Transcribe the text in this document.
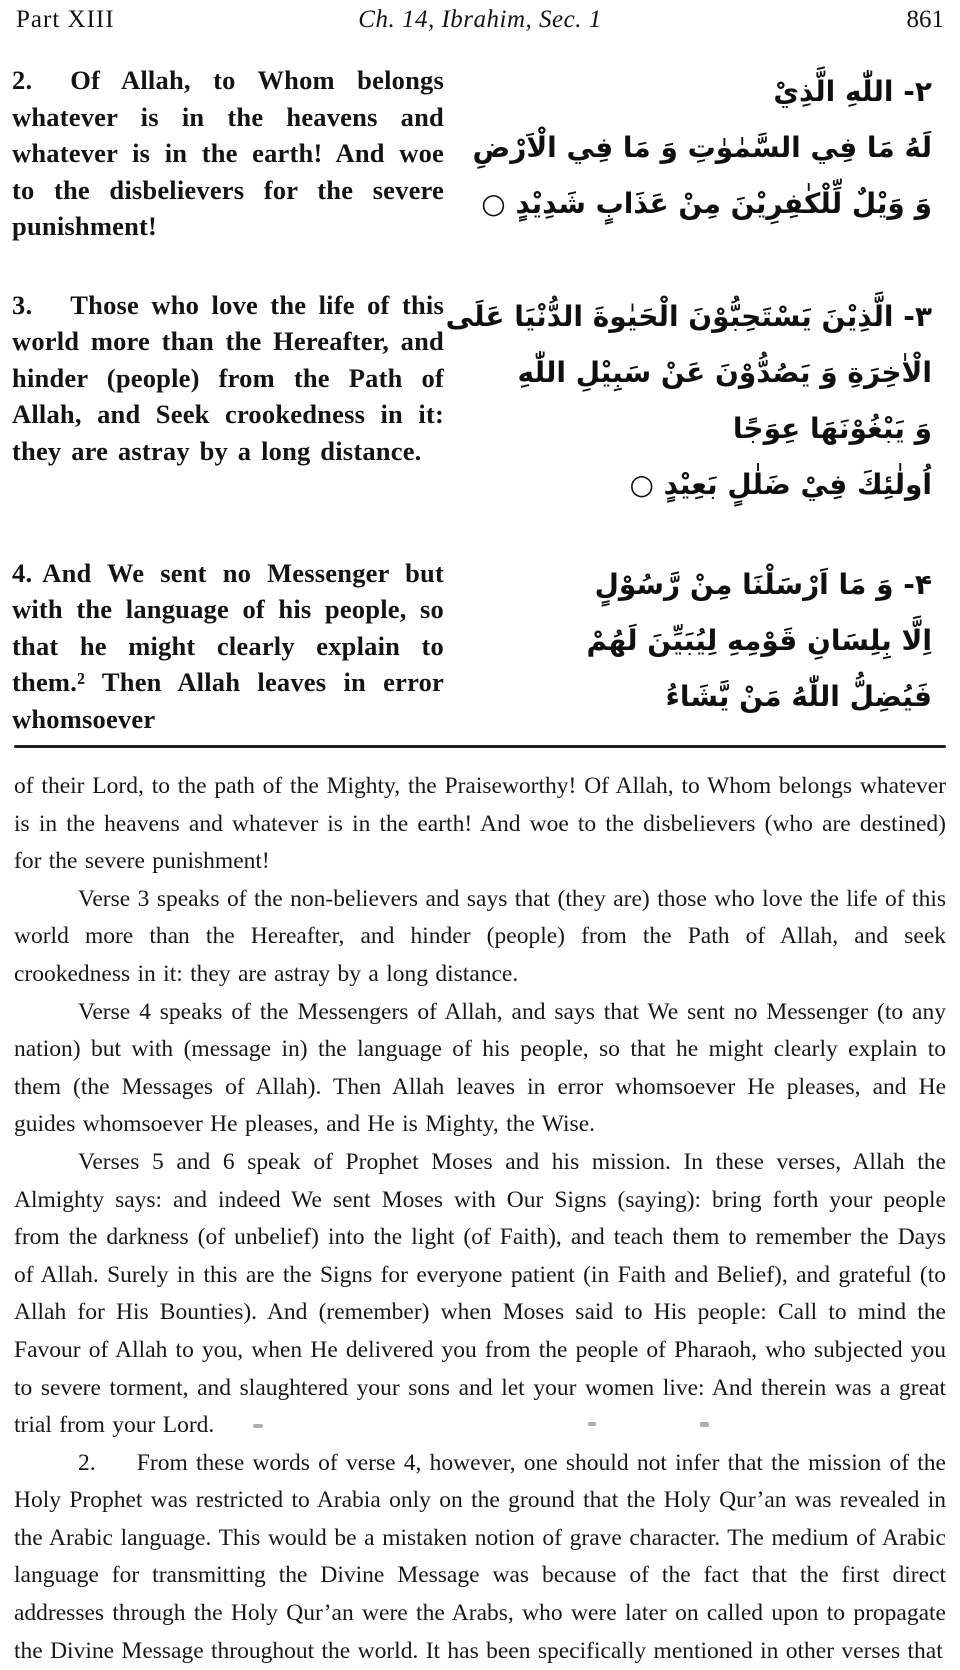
Part XIII	Ch. 14, Ibrahim, Sec. 1	861
2. Of Allah, to Whom belongs whatever is in the heavens and whatever is in the earth! And woe to the disbelievers for the severe punishment!
۲- اللّٰهِ الَّذِيْ
لَهُ مَا فِي السَّمٰوٰتِ وَ مَا فِي الْاَرْضِ
وَ وَيْلٌ لِّلْكٰفِرِيْنَ مِنْ عَذَابٍ شَدِيْدٍ ○
3. Those who love the life of this world more than the Hereafter, and hinder (people) from the Path of Allah, and Seek crookedness in it: they are astray by a long distance.
۳- الَّذِيْنَ يَسْتَحِبُّوْنَ الْحَيٰوةَ الدُّنْيَا عَلَى
الْاٰخِرَةِ وَ يَصُدُّوْنَ عَنْ سَبِيْلِ اللّٰهِ
وَ يَبْغُوْنَهَا عِوَجًا
اُولٰئِكَ فِيْ ضَلٰلٍ بَعِيْدٍ ○
4. And We sent no Messenger but with the language of his people, so that he might clearly explain to them.² Then Allah leaves in error whomsoever
۴- وَ مَا اَرْسَلْنَا مِنْ رَّسُوْلٍ
اِلَّا بِلِسَانِ قَوْمِهِ لِيُبَيِّنَ لَهُمْ
فَيُضِلُّ اللّٰهُ مَنْ يَّشَاءُ

of their Lord, to the path of the Mighty, the Praiseworthy! Of Allah, to Whom belongs whatever is in the heavens and whatever is in the earth! And woe to the disbelievers (who are destined) for the severe punishment!

Verse 3 speaks of the non-believers and says that (they are) those who love the life of this world more than the Hereafter, and hinder (people) from the Path of Allah, and seek crookedness in it: they are astray by a long distance.

Verse 4 speaks of the Messengers of Allah, and says that We sent no Messenger (to any nation) but with (message in) the language of his people, so that he might clearly explain to them (the Messages of Allah). Then Allah leaves in error whomsoever He pleases, and He guides whomsoever He pleases, and He is Mighty, the Wise.

Verses 5 and 6 speak of Prophet Moses and his mission. In these verses, Allah the Almighty says: and indeed We sent Moses with Our Signs (saying): bring forth your people from the darkness (of unbelief) into the light (of Faith), and teach them to remember the Days of Allah. Surely in this are the Signs for everyone patient (in Faith and Belief), and grateful (to Allah for His Bounties). And (remember) when Moses said to His people: Call to mind the Favour of Allah to you, when He delivered you from the people of Pharaoh, who subjected you to severe torment, and slaughtered your sons and let your women live: And therein was a great trial from your Lord.

2.     From these words of verse 4, however, one should not infer that the mission of the Holy Prophet was restricted to Arabia only on the ground that the Holy Qur’an was revealed in the Arabic language. This would be a mistaken notion of grave character. The medium of Arabic language for transmitting the Divine Message was because of the fact that the first direct addresses through the Holy Qur’an were the Arabs, who were later on called upon to propagate the Divine Message throughout the world. It has been specifically mentioned in other verses that
